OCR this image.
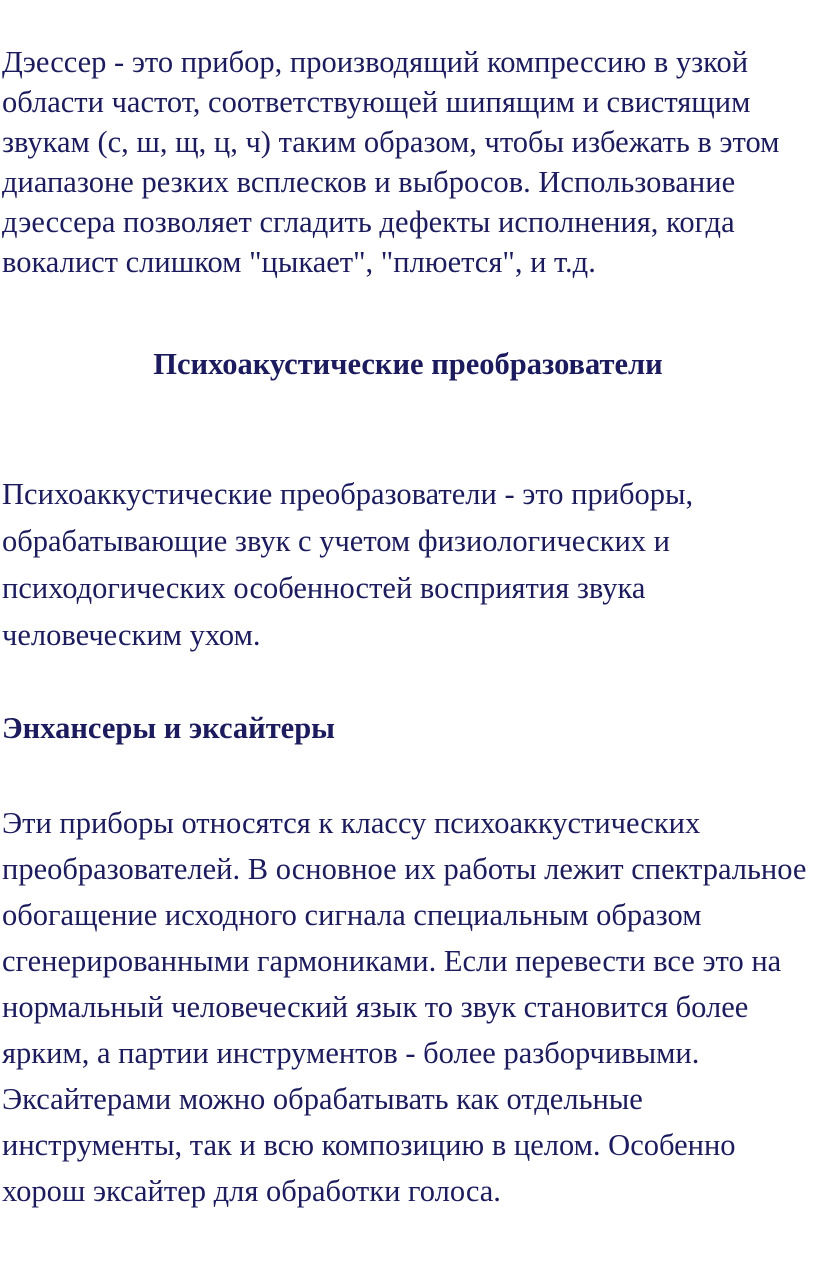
Дэессер - это прибор, производящий компрессию в узкой области частот, соответствующей шипящим и свистящим звукам (с, ш, щ, ц, ч) таким образом, чтобы избежать в этом диапазоне резких всплесков и выбросов. Использование дэессера позволяет сгладить дефекты исполнения, когда вокалист слишком "цыкает", "плюется", и т.д.

Психоакустические преобразователи

Психоаккустические преобразователи - это приборы, обрабатывающие звук с учетом физиологических и психодогических особенностей восприятия звука человеческим ухом.

Энхансеры и эксайтеры

Эти приборы относятся к классу психоаккустических преобразователей. В основное их работы лежит спектральное обогащение исходного сигнала специальным образом сгенерированными гармониками. Если перевести все это на нормальный человеческий язык то звук становится более ярким, а партии инструментов - более разборчивыми. Эксайтерами можно обрабатывать как отдельные инструменты, так и всю композицию в целом. Особенно хорош эксайтер для обработки голоса.
